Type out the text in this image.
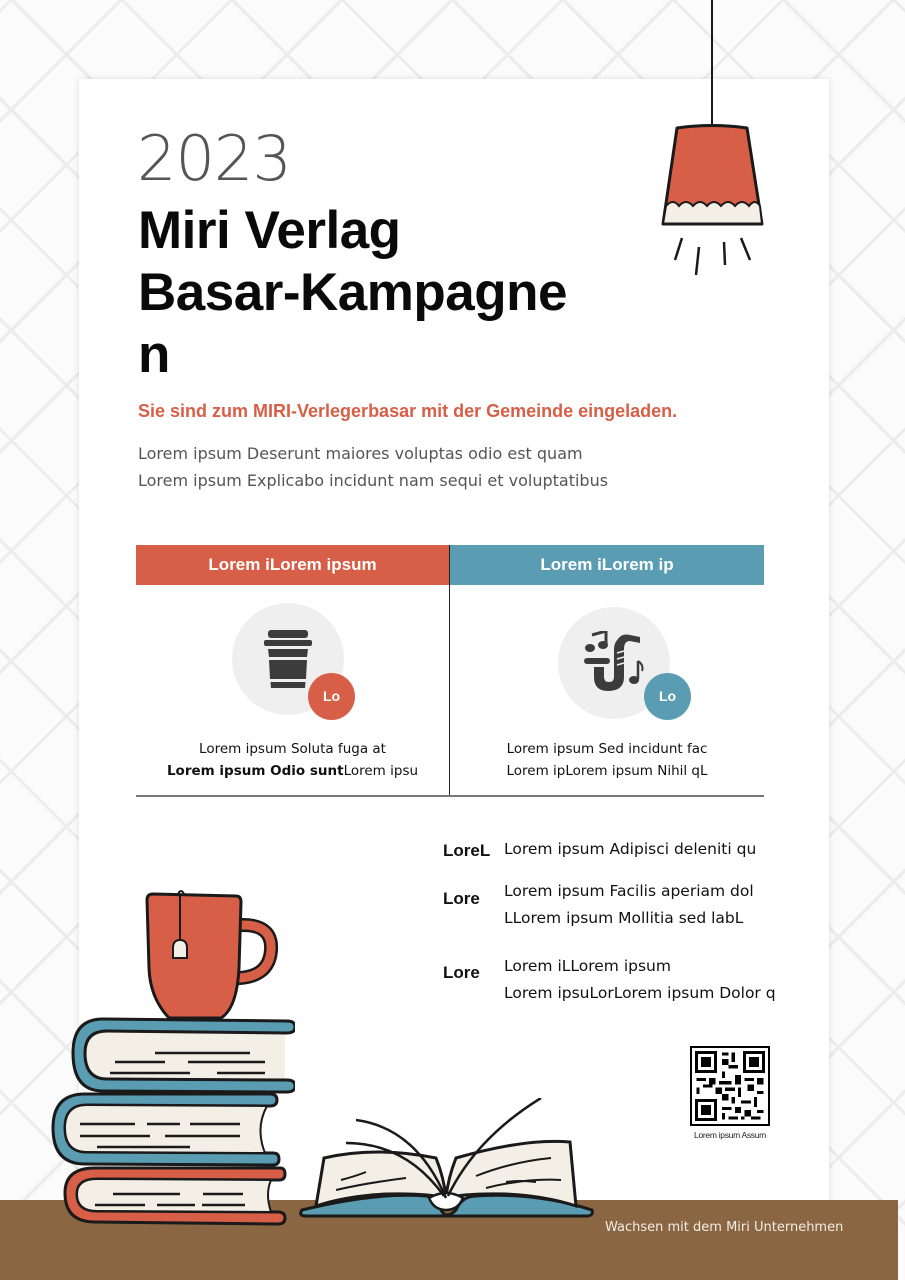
2023
Miri Verlag
Basar-Kampagne
n
Sie sind zum MIRI-Verlegerbasar mit der Gemeinde eingeladen.
Lorem ipsum Deserunt maiores voluptas odio est quam
Lorem ipsum Explicabo incidunt nam sequi et voluptatibus
Lorem iLorem ipsum
Lo
Lorem ipsum Soluta fuga at
Lorem ipsum Odio suntLorem ipsu
Lorem iLorem ip
Lo
Lorem ipsum Sed incidunt fac
Lorem ipLorem ipsum Nihil qL
LoreL Lorem ipsum Adipisci deleniti qu
Lore Lorem ipsum Facilis aperiam dol
LLorem ipsum Mollitia sed labL
Lore Lorem iLLorem ipsum
Lorem ipsuLorLorem ipsum Dolor q
Lorem ipsum Assum
Wachsen mit dem Miri Unternehmen
